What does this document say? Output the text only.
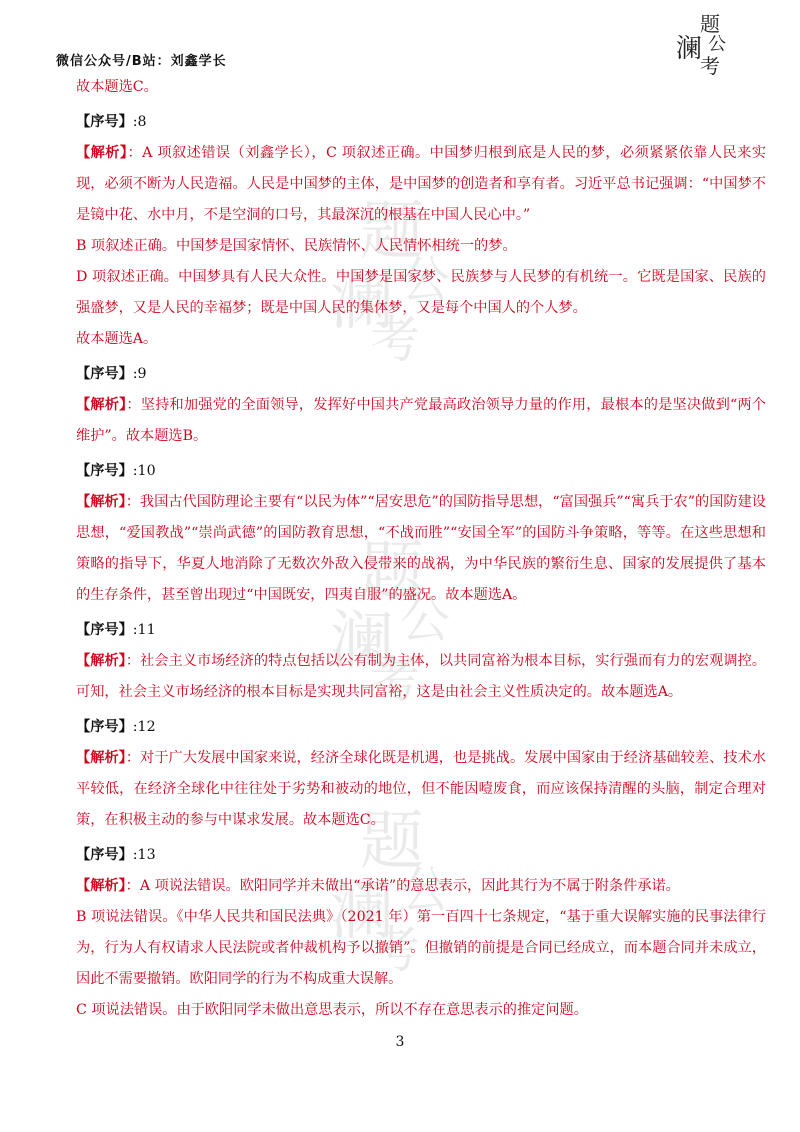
微信公众号/B站：刘鑫学长
题
澜 公
考
题
澜 公
考
题
澜 公
考
题
澜 公
考

故本题选C。

【序号】:8

【解析】：A 项叙述错误（刘鑫学长），C 项叙述正确。中国梦归根到底是人民的梦，必须紧紧依靠人民来实现，必须不断为人民造福。人民是中国梦的主体，是中国梦的创造者和享有者。习近平总书记强调：“中国梦不是镜中花、水中月，不是空洞的口号，其最深沉的根基在中国人民心中。”

B 项叙述正确。中国梦是国家情怀、民族情怀、人民情怀相统一的梦。

D 项叙述正确。中国梦具有人民大众性。中国梦是国家梦、民族梦与人民梦的有机统一。它既是国家、民族的强盛梦，又是人民的幸福梦；既是中国人民的集体梦，又是每个中国人的个人梦。

故本题选A。

【序号】:9

【解析】：坚持和加强党的全面领导，发挥好中国共产党最高政治领导力量的作用，最根本的是坚决做到“两个维护”。故本题选B。

【序号】:10

【解析】：我国古代国防理论主要有“以民为体”“居安思危”的国防指导思想，“富国强兵”“寓兵于农”的国防建设思想，“爱国教战”“崇尚武德”的国防教育思想，“不战而胜”“安国全军”的国防斗争策略，等等。在这些思想和策略的指导下，华夏人地消除了无数次外敌入侵带来的战祸，为中华民族的繁衍生息、国家的发展提供了基本的生存条件，甚至曾出现过“中国既安，四夷自服”的盛况。故本题选A。

【序号】:11

【解析】：社会主义市场经济的特点包括以公有制为主体，以共同富裕为根本目标，实行强而有力的宏观调控。可知，社会主义市场经济的根本目标是实现共同富裕，这是由社会主义性质决定的。故本题选A。

【序号】:12

【解析】：对于广大发展中国家来说，经济全球化既是机遇，也是挑战。发展中国家由于经济基础较差、技术水平较低，在经济全球化中往往处于劣势和被动的地位，但不能因噎废食，而应该保持清醒的头脑，制定合理对策，在积极主动的参与中谋求发展。故本题选C。

【序号】:13

【解析】：A 项说法错误。欧阳同学并未做出“承诺”的意思表示，因此其行为不属于附条件承诺。

B 项说法错误。《中华人民共和国民法典》（2021 年）第一百四十七条规定，“基于重大误解实施的民事法律行为，行为人有权请求人民法院或者仲裁机构予以撤销”。但撤销的前提是合同已经成立，而本题合同并未成立，因此不需要撤销。欧阳同学的行为不构成重大误解。

C 项说法错误。由于欧阳同学未做出意思表示，所以不存在意思表示的推定问题。

3
